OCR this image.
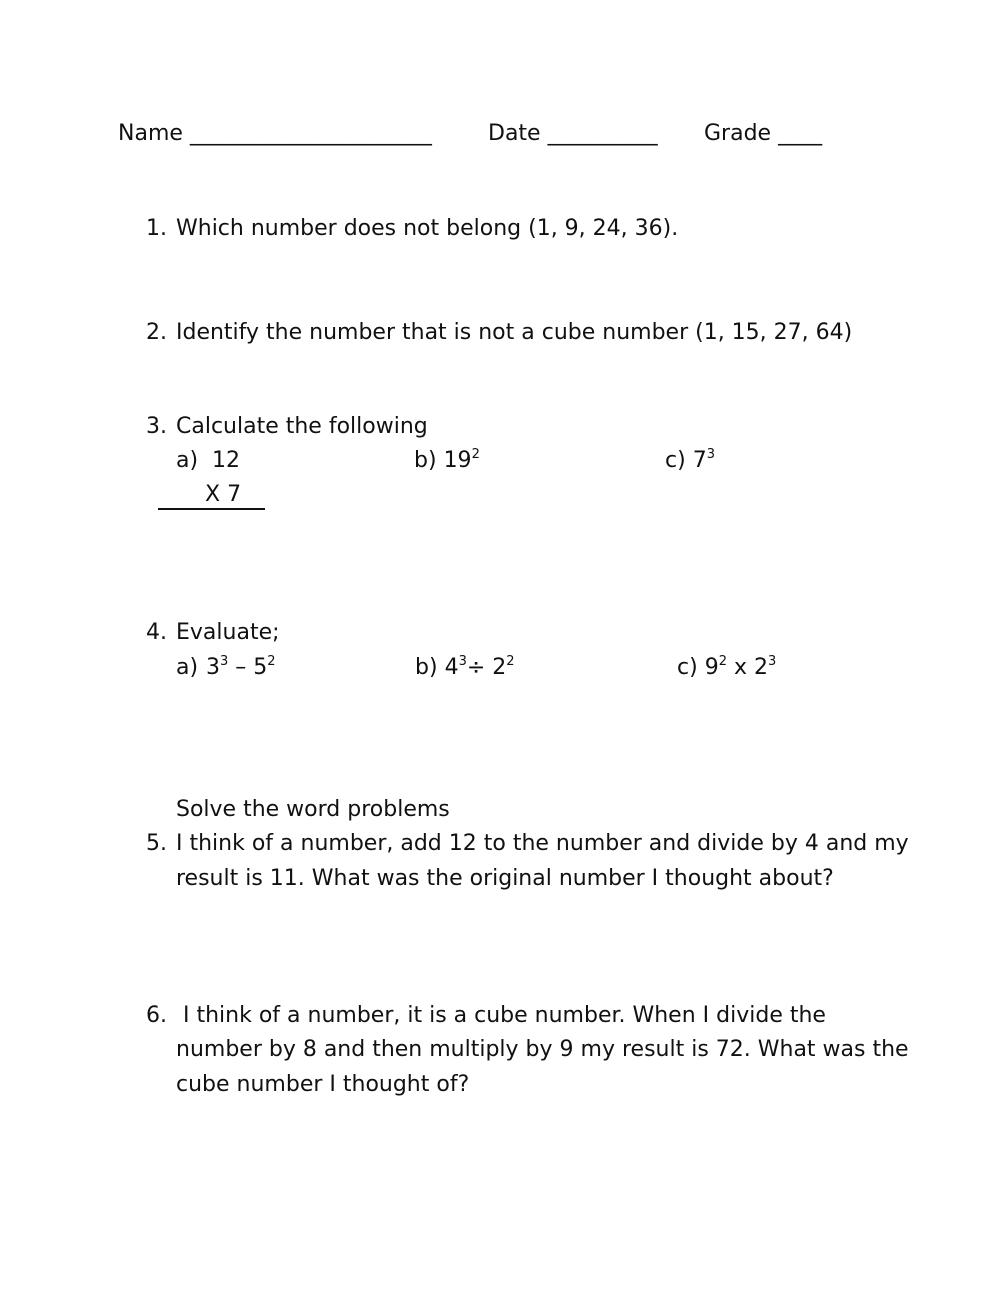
Name ______________________	Date __________ Grade ____
1. Which number does not belong (1, 9, 24, 36).
2. Identify the number that is not a cube number (1, 15, 27, 64)
3. Calculate the following
a) 12
X 7
b) $19^2$	c) $7^3$
4. Evaluate;
a) $3^3 - 5^2$	b) $4^3\div 2^2$	c) $9^2$ x $2^3$
Solve the word problems
5. I think of a number, add 12 to the number and divide by 4 and my
result is 11. What was the original number I thought about?
6. I think of a number, it is a cube number. When I divide the
number by 8 and then multiply by 9 my result is 72. What was the
cube number I thought of?
